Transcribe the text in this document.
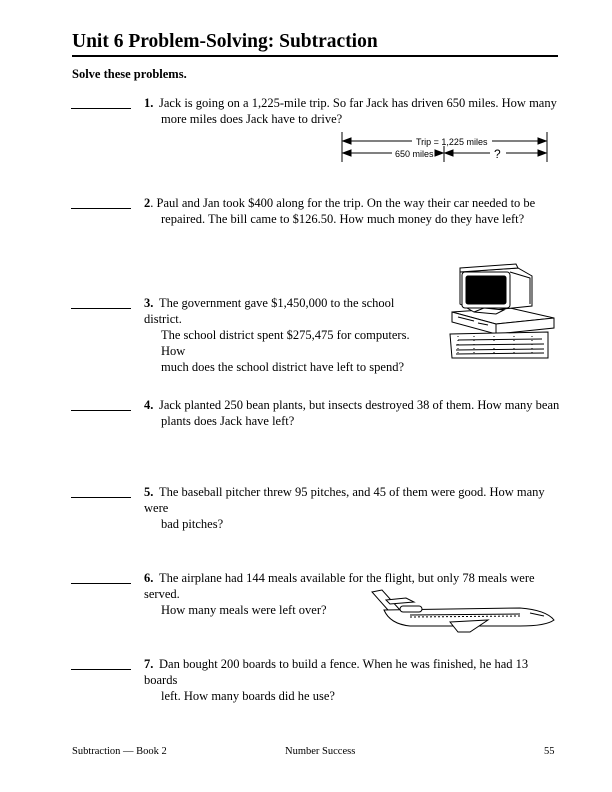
Unit 6 Problem-Solving: Subtraction
Solve these problems.
1. Jack is going on a 1,225-mile trip. So far Jack has driven 650 miles. How many
more miles does Jack have to drive?
Trip = 1,225 miles
650 miles	?
2. Paul and Jan took $400 along for the trip. On the way their car needed to be
repaired. The bill came to $126.50. How much money do they have left?
3. The government gave $1,450,000 to the school district.
The school district spent $275,475 for computers. How
much does the school district have left to spend?
4. Jack planted 250 bean plants, but insects destroyed 38 of them. How many bean
plants does Jack have left?
5. The baseball pitcher threw 95 pitches, and 45 of them were good. How many were
bad pitches?
6. The airplane had 144 meals available for the flight, but only 78 meals were served.
How many meals were left over?
7. Dan bought 200 boards to build a fence. When he was finished, he had 13 boards
left. How many boards did he use?
Subtraction — Book 2	Number Success	55
